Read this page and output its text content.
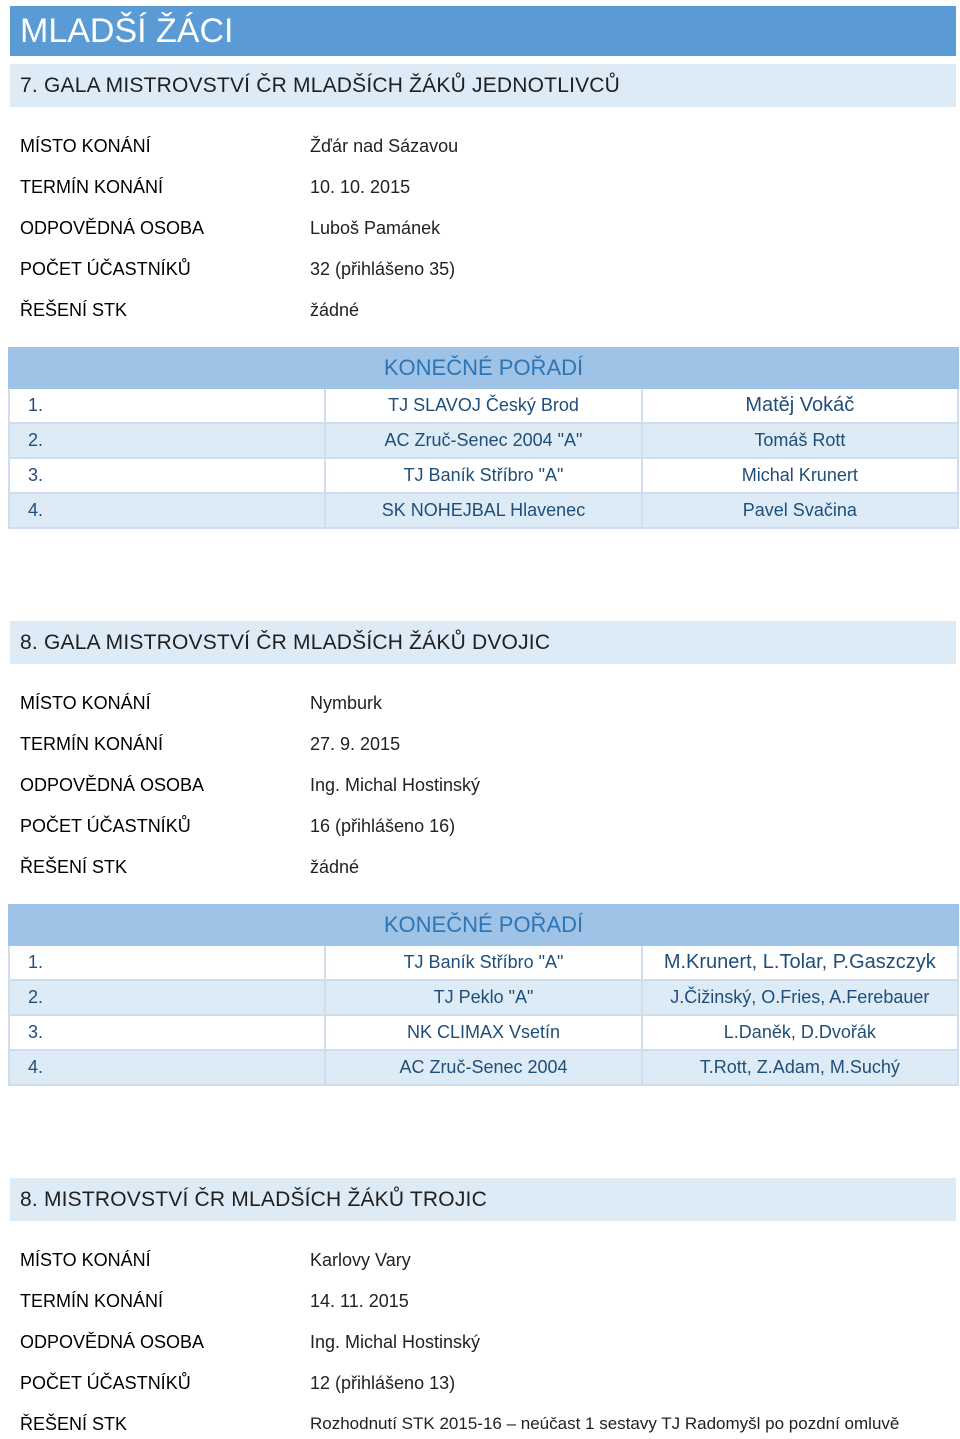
MLADŠÍ ŽÁCI
7. GALA MISTROVSTVÍ ČR MLADŠÍCH ŽÁKŮ JEDNOTLIVCŮ
MÍSTO KONÁNÍ	Žďár nad Sázavou
TERMÍN KONÁNÍ	10. 10. 2015
ODPOVĚDNÁ OSOBA	Luboš Pamánek
POČET ÚČASTNÍKŮ	32 (přihlášeno 35)
ŘEŠENÍ STK	žádné
KONEČNÉ POŘADÍ		
1.	TJ SLAVOJ Český Brod	Matěj Vokáč
2.	AC Zruč-Senec 2004 "A"	Tomáš Rott
3.	TJ Baník Stříbro "A"	Michal Krunert
4.	SK NOHEJBAL Hlavenec	Pavel Svačina
8. GALA MISTROVSTVÍ ČR MLADŠÍCH ŽÁKŮ DVOJIC
MÍSTO KONÁNÍ	Nymburk
TERMÍN KONÁNÍ	27. 9. 2015
ODPOVĚDNÁ OSOBA	Ing. Michal Hostinský
POČET ÚČASTNÍKŮ	16 (přihlášeno 16)
ŘEŠENÍ STK	žádné
KONEČNÉ POŘADÍ		
1.	TJ Baník Stříbro "A"	M.Krunert, L.Tolar, P.Gaszczyk
2.	TJ Peklo "A"	J.Čižinský, O.Fries, A.Ferebauer
3.	NK CLIMAX Vsetín	L.Daněk, D.Dvořák
4.	AC Zruč-Senec 2004	T.Rott, Z.Adam, M.Suchý
8. MISTROVSTVÍ ČR MLADŠÍCH ŽÁKŮ TROJIC
MÍSTO KONÁNÍ	Karlovy Vary
TERMÍN KONÁNÍ	14. 11. 2015
ODPOVĚDNÁ OSOBA	Ing. Michal Hostinský
POČET ÚČASTNÍKŮ	12 (přihlášeno 13)
ŘEŠENÍ STK	Rozhodnutí STK 2015-16 – neúčast 1 sestavy TJ Radomyšl po pozdní omluvě
